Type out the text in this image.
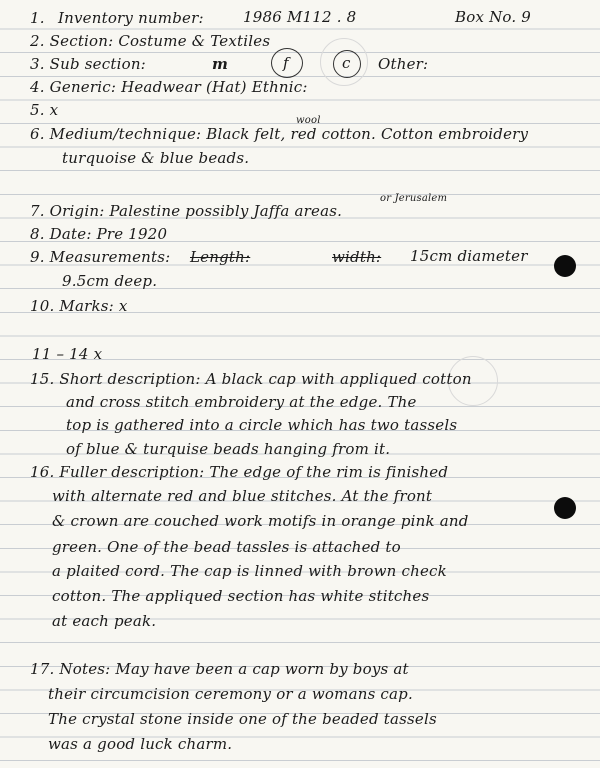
1. Inventory number:	1986 M112 . 8	Box No. 9
2. Section: Costume & Textiles
3. Sub section:	m	f	c Other:
4. Generic: Headwear (Hat) Ethnic:
5. x
wool
6. Medium/technique: Black felt, red cotton. Cotton embroidery
turquoise & blue beads.
or Jerusalem
7. Origin: Palestine possibly Jaffa areas.
8. Date: Pre 1920
9. Measurements: Length:	width: 15cm diameter
9.5cm deep.
10. Marks: x
11 – 14 x
15. Short description: A black cap with appliqued cotton
and cross stitch embroidery at the edge. The
top is gathered into a circle which has two tassels
of blue & turquise beads hanging from it.
16. Fuller description: The edge of the rim is finished
with alternate red and blue stitches. At the front
& crown are couched work motifs in orange pink and
green. One of the bead tassles is attached to
a plaited cord. The cap is linned with brown check
cotton. The appliqued section has white stitches
at each peak.
17. Notes: May have been a cap worn by boys at
their circumcision ceremony or a womans cap.
The crystal stone inside one of the beaded tassels
was a good luck charm.
